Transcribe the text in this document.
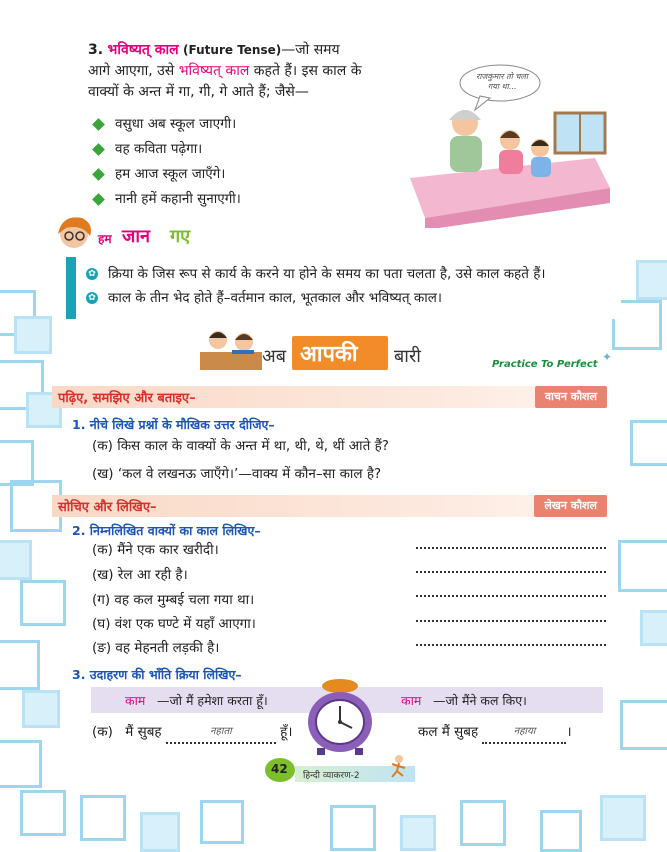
3. भविष्यत् काल (Future Tense)—जो समय
आगे आएगा, उसे भविष्यत् काल कहते हैं। इस काल के
वाक्यों के अन्त में गा, गी, गे आते हैं; जैसे—
वसुधा अब स्कूल जाएगी।
वह कविता पढ़ेगा।
हम आज स्कूल जाएँगे।
नानी हमें कहानी सुनाएगी।
राजकुमार तो चला गया था...
हम जान गए
✿ क्रिया के जिस रूप से कार्य के करने या होने के समय का पता चलता है, उसे काल कहते हैं।
✿ काल के तीन भेद होते हैं–वर्तमान काल, भूतकाल और भविष्यत् काल।
अब आपकी बारी	Practice To Perfect
✦
पढ़िए, समझिए और बताइए–	वाचन कौशल
1. नीचे लिखे प्रश्नों के मौखिक उत्तर दीजिए–
(क) किस काल के वाक्यों के अन्त में था, थी, थे, थीं आते हैं?
(ख) ‘कल वे लखनऊ जाएँगे।’—वाक्य में कौन–सा काल है?
सोचिए और लिखिए–	लेखन कौशल
2. निम्नलिखित वाक्यों का काल लिखिए–
(क) मैंने एक कार खरीदी।
(ख) रेल आ रही है।
(ग) वह कल मुम्बई चला गया था।
(घ) वंश एक घण्टे में यहाँ आएगा।
(ङ) वह मेहनती लड़की है।
3. उदाहरण की भाँति क्रिया लिखिए–
काम —जो मैं हमेशा करता हूँ।	काम —जो मैंने कल किए।
(क) मैं सुबह	नहाता	हूँ।	कल मैं सुबह	नहाया ।
42 हिन्दी व्याकरण-2
